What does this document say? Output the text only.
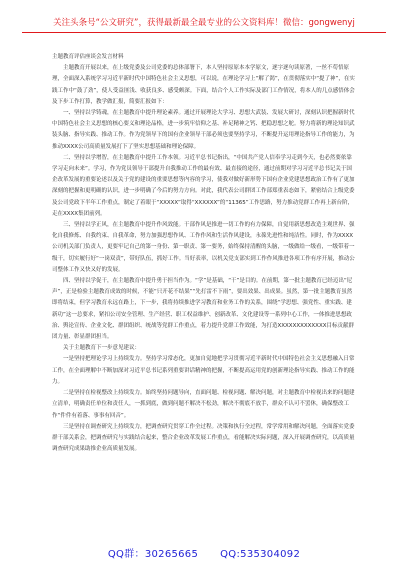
关注头条号“公文研究”，获得最新最全最专业的公文资料库！微信：gongwenyj

主题教育评估座谈会发言材料

主题教育开展以来，在上级党委及公司党委的总体部署下，本人坚持原原本本学原文，逐字逐句读原著，一丝不苟悟原理，全面深入系统学习习近平新时代中国特色社会主义思想，可以说，在理论学习上“解了渴”，在贯彻落实中“提了神”，在实践工作中“鼓了劲”，使人受益匪浅、收获良多、感受颇深。下面，结合个人工作实际及部门工作情况，将本人的几点感悟体会及下步工作打算，教学做汇报，简要汇报如下：

一、坚持以学铸魂，在主题教育中提升理论素养。通过开展理论大学习、思想大武装、发展大研讨，深刻认识把握新时代中国特色社会主义思想的核心要义和理论品格，进一步筑牢信仰之基、补足精神之钙、把稳思想之舵。努力将新的理论知识武装头脑、指导实践、推动工作。作为党领导下的国有企业领导干部必须也要坚持学习，不断提升运用理论指导工作的能力，为推动XXXX公司高质量发展打下了坚实思想基础和理论保障。

二、坚持以学增智，在主题教育中提升工作本领。习近平总书记指出，“中国共产党人信奉学习走到今天，也必然要依靠学习走向未来”。学习，作为党员领导干部提升自我推动工作的最有效、最直接的途径，通过前期对学习习近平总书记关于国企改革发展的重要论述以及关于党的建设的重要思想等内容的学习，使我对做好新形势下国有企业党建思想政治工作有了更加深刻的把握和更明确的认识，进一步明确了今后的努力方向。对此，我代表公司群团工作部郑重表态如下，紧密结合上级党委及公司党政下半年工作重点，制定了着眼于“XXXXX”取得“XXXXXX”的“11365”工作思路，努力推动党群工作再上新台阶，走在XXXX集团前列。

三、坚持以学正风，在主题教育中提升作风效能。干部作风是推进一切工作的有力保障，自觉用新思想改造主观世界、强化自我修炼、自我约束、自我革命，努力加强思想作风、工作作风和生活作风建设，永葆先进性和纯洁性。同时，作为XXXX公司机关部门负责人，更要牢记自己的第一身份、第一职责、第一要务，始终保持清醒的头脑，一级做给一级看，一级带着一级干，切实履行好“一岗双责”，带好队伍，抓好工作。当好表率，以机关党支部实到工作作风推进各项工作有序开展，推动公司整体工作又快又好的发展。

四、坚持以学促干，在主题教育中提升勇于担当作为。“学”是基础，“干”是目的。在前期，第一批主题教育已经迈出“尼声”，正是检验主题教育成效的时候，不能“只开花不结果”“先打雷不下雨”，要出效果、出成果。虽然，第一批主题教育虽然即将结束，但学习教育永远在路上，下一步，我将持续推进学习教育和业务工作的关系，围绕“学思想、强党性、重实践、建新功”这一总要求，紧扣公司安全管理、生产经营、职工权益维护、创新改革、文化建设等一系列中心工作，一体推进思想政治、舆论宣传、企业文化、群团组织、统战等党群工作重点，着力提升党群工作效能，为打造XXXXXXXXXXXXX目标贡献群团力量、彰显群团担当。

关于主题教育下一步意见建议：

一是坚持把理论学习上持续发力。坚持学习常态化，更加自觉地把学习贯彻习近平新时代中国特色社会主义思想融入日常工作，在全面理解中不断加深对习近平总书记系列重要讲话精神的把握，不断提高运用党的创新理论指导实践、推动工作的能力。

二是坚持在检视整改上持续发力。始终坚持问题导向，直面问题、检视问题、解决问题，对主题教育中检视出来的问题建立清单，明确责任单位和责任人，一抓到底，做到问题不解决不松劲，解决不彻底不放手，群众不认可不罢休，确保整改工作“件件有着落、事事有回音”。

三是坚持在调查研究上持续发力，把调查研究贯穿工作全过程。决策和执行全过程，常学常用和解决问题，全面落实党委群干部关系会，把调查研究与实践结合起来，整合企业改革发展工作重点，看能解决实际问题，深入开展调查研究，以高质量调查研究成果助推企业高质量发展。

QQ群：30265665 QQ:535304092
